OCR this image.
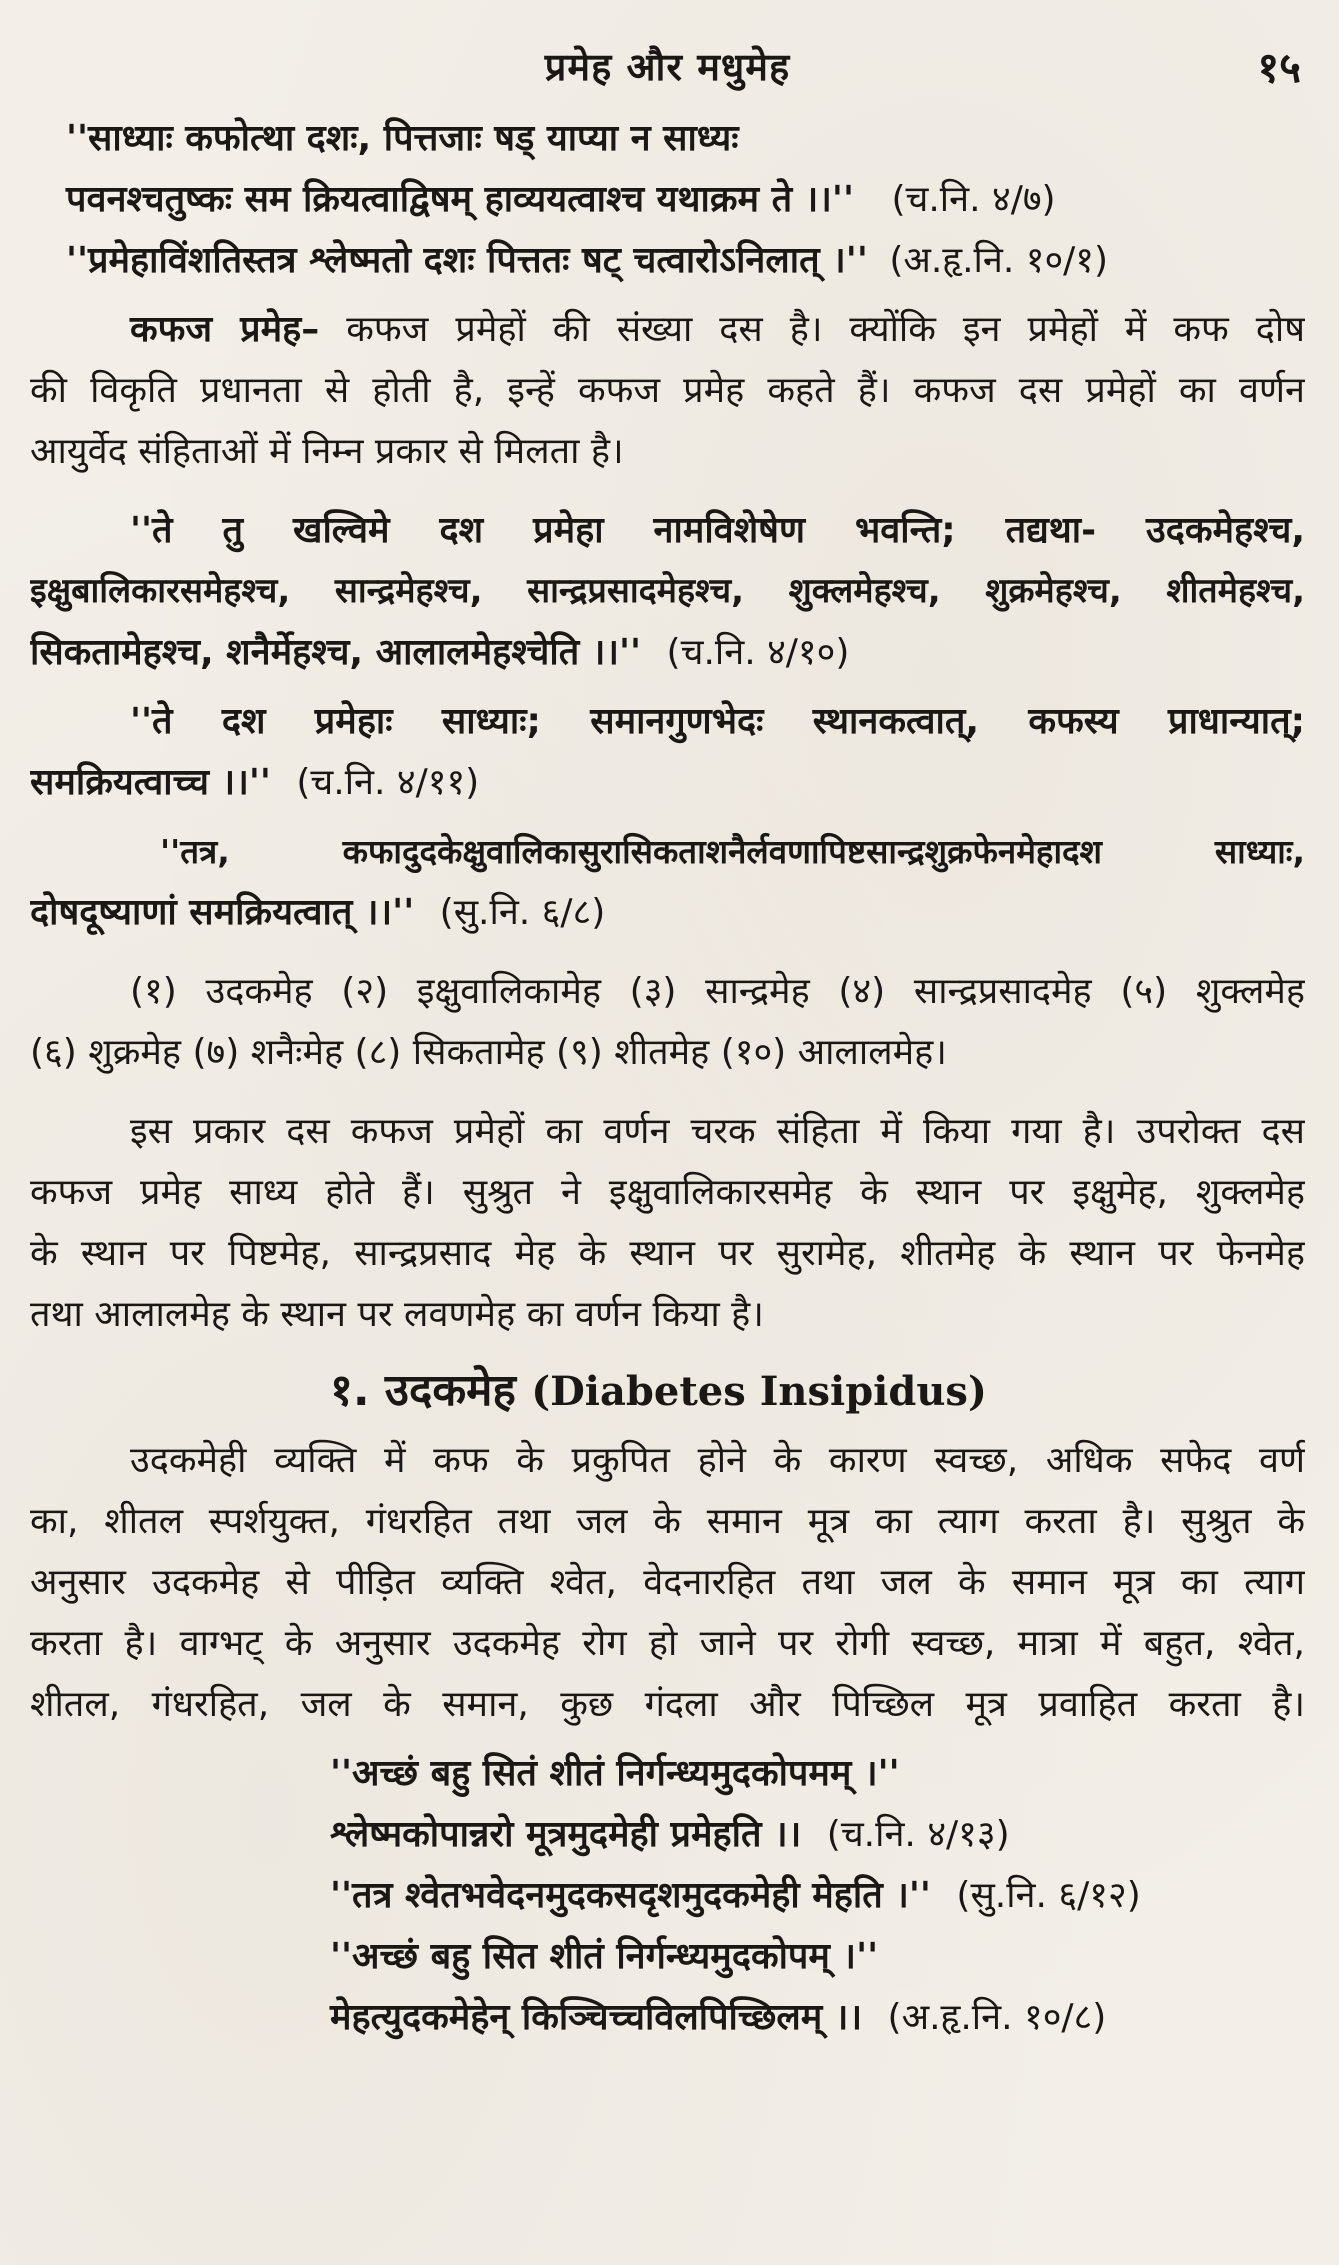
प्रमेह और मधुमेह	१५
''साध्याः कफोत्था दशः, पित्तजाः षड् याप्या न साध्यः
पवनश्चतुष्कः सम क्रियत्वाद्विषम् हाव्ययत्वाश्च यथाक्रम ते ।।'' (च.नि. ४/७)
''प्रमेहाविंशतिस्तत्र श्लेष्मतो दशः पित्ततः षट् चत्वारोऽनिलात् ।'' (अ.हृ.नि. १०/१)
कफज प्रमेह– कफज प्रमेहों की संख्या दस है। क्योंकि इन प्रमेहों में कफ दोष
की विकृति प्रधानता से होती है, इन्हें कफज प्रमेह कहते हैं। कफज दस प्रमेहों का वर्णन
आयुर्वेद संहिताओं में निम्न प्रकार से मिलता है।
''ते तु खल्विमे दश प्रमेहा नामविशेषेण भवन्ति; तद्यथा- उदकमेहश्च,
इक्षुबालिकारसमेहश्च, सान्द्रमेहश्च, सान्द्रप्रसादमेहश्च, शुक्लमेहश्च, शुक्रमेहश्च, शीतमेहश्च,
सिकतामेहश्च, शनैर्मेहश्च, आलालमेहश्चेति ।।'' (च.नि. ४/१०)
''ते दश प्रमेहाः साध्याः; समानगुणभेदः स्थानकत्वात्, कफस्य प्राधान्यात्;
समक्रियत्वाच्च ।।'' (च.नि. ४/११)
''तत्र, कफादुदकेक्षुवालिकासुरासिकताशनैर्लवणापिष्टसान्द्रशुक्रफेनमेहादश साध्याः,
दोषदूष्याणां समक्रियत्वात् ।।'' (सु.नि. ६/८)
(१) उदकमेह (२) इक्षुवालिकामेह (३) सान्द्रमेह (४) सान्द्रप्रसादमेह (५) शुक्लमेह
(६) शुक्रमेह (७) शनैःमेह (८) सिकतामेह (९) शीतमेह (१०) आलालमेह।
इस प्रकार दस कफज प्रमेहों का वर्णन चरक संहिता में किया गया है। उपरोक्त दस
कफज प्रमेह साध्य होते हैं। सुश्रुत ने इक्षुवालिकारसमेह के स्थान पर इक्षुमेह, शुक्लमेह
के स्थान पर पिष्टमेह, सान्द्रप्रसाद मेह के स्थान पर सुरामेह, शीतमेह के स्थान पर फेनमेह
तथा आलालमेह के स्थान पर लवणमेह का वर्णन किया है।
१. उदकमेह (Diabetes Insipidus)
उदकमेही व्यक्ति में कफ के प्रकुपित होने के कारण स्वच्छ, अधिक सफेद वर्ण
का, शीतल स्पर्शयुक्त, गंधरहित तथा जल के समान मूत्र का त्याग करता है। सुश्रुत के
अनुसार उदकमेह से पीड़ित व्यक्ति श्वेत, वेदनारहित तथा जल के समान मूत्र का त्याग
करता है। वाग्भट् के अनुसार उदकमेह रोग हो जाने पर रोगी स्वच्छ, मात्रा में बहुत, श्वेत,
शीतल, गंधरहित, जल के समान, कुछ गंदला और पिच्छिल मूत्र प्रवाहित करता है।
''अच्छं बहु सितं शीतं निर्गन्ध्यमुदकोपमम् ।''
श्लेष्मकोपान्नरो मूत्रमुदमेही प्रमेहति ।। (च.नि. ४/१३)
''तत्र श्वेतभवेदनमुदकसदृशमुदकमेही मेहति ।'' (सु.नि. ६/१२)
''अच्छं बहु सित शीतं निर्गन्ध्यमुदकोपम् ।''
मेहत्युदकमेहेन् किञ्चिच्चविलपिच्छिलम् ।। (अ.हृ.नि. १०/८)
